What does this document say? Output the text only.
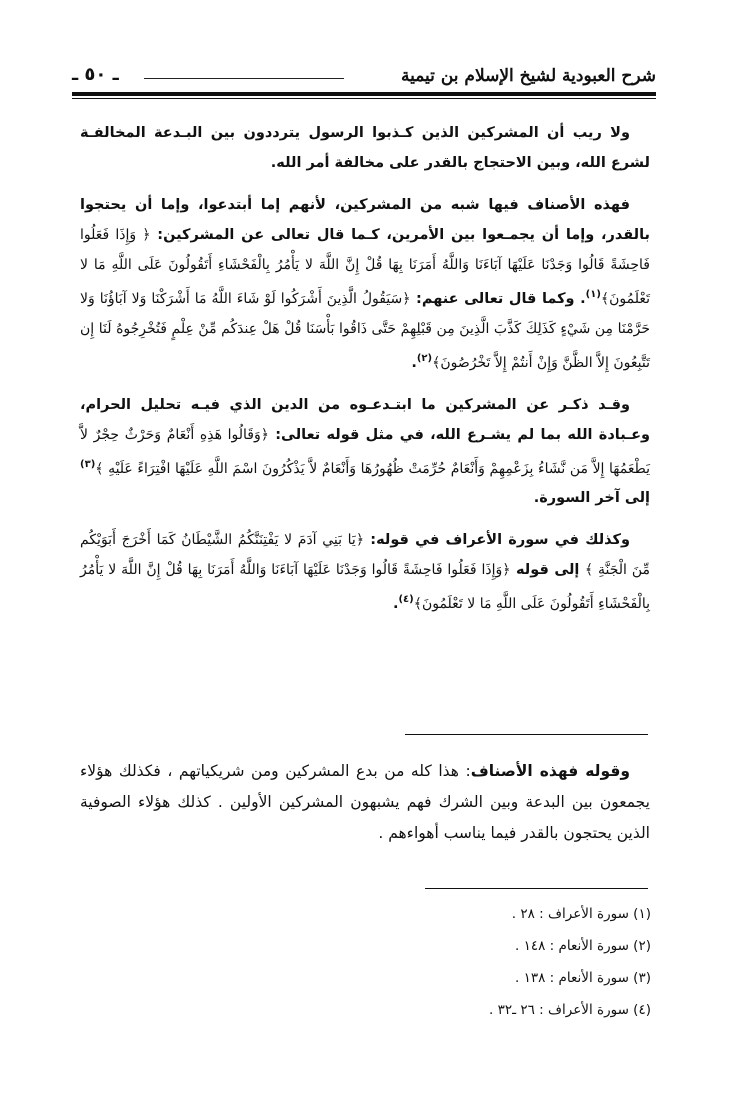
شرح العبودية لشيخ الإسلام بن تيمية
ـ ٥٠ ـ

ولا ريب أن المشركين الذين كـذبوا الرسول يترددون بين البـدعة المخالفـة لشرع الله، وبين الاحتجاج بالقدر على مخالفة أمر الله.

فهذه الأصناف فيها شبه من المشركين، لأنهم إما أبتدعوا، وإما أن يحتجوا بالقدر، وإما أن يجمـعوا بين الأمرين، كـما قال تعالى عن المشركين: ﴿ وَإِذَا فَعَلُوا فَاحِشَةً قَالُوا وَجَدْنَا عَلَيْهَا آبَاءَنَا وَاللَّهُ أَمَرَنَا بِهَا قُلْ إِنَّ اللَّهَ لا يَأْمُرُ بِالْفَحْشَاءِ أَتَقُولُونَ عَلَى اللَّهِ مَا لا تَعْلَمُونَ﴾$^{(١)}$. وكما قال تعالى عنهم: ﴿سَيَقُولُ الَّذِينَ أَشْرَكُوا لَوْ شَاءَ اللَّهُ مَا أَشْرَكْنَا وَلا آبَاؤُنَا وَلا حَرَّمْنَا مِن شَيْءٍ كَذَلِكَ كَذَّبَ الَّذِينَ مِن قَبْلِهِمْ حَتَّى ذَاقُوا بَأْسَنَا قُلْ هَلْ عِندَكُم مِّنْ عِلْمٍ فَتُخْرِجُوهُ لَنَا إِن تَتَّبِعُونَ إِلاَّ الظَّنَّ وَإِنْ أَنتُمْ إِلاَّ تَخْرُصُونَ﴾$^{(٢)}$.

وقـد ذكـر عن المشركين ما ابتـدعـوه من الدين الذي فيـه تحليل الحرام، وعـبادة الله بما لم يشـرع الله، في مثل قوله تعالى: ﴿وَقَالُوا هَذِهِ أَنْعَامٌ وَحَرْثٌ حِجْرٌ لاَّ يَطْعَمُهَا إِلاَّ مَن نَّشَاءُ بِزَعْمِهِمْ وَأَنْعَامٌ حُرِّمَتْ ظُهُورُهَا وَأَنْعَامٌ لاَّ يَذْكُرُونَ اسْمَ اللَّهِ عَلَيْهَا افْتِرَاءً عَلَيْهِ ﴾$^{(٣)}$ إلى آخر السورة.

وكذلك في سورة الأعراف في قوله: ﴿يَا بَنِي آدَمَ لا يَفْتِنَنَّكُمُ الشَّيْطَانُ كَمَا أَخْرَجَ أَبَوَيْكُم مِّنَ الْجَنَّةِ ﴾ إلى قوله ﴿وَإِذَا فَعَلُوا فَاحِشَةً قَالُوا وَجَدْنَا عَلَيْهَا آبَاءَنَا وَاللَّهُ أَمَرَنَا بِهَا قُلْ إِنَّ اللَّهَ لا يَأْمُرُ بِالْفَحْشَاءِ أَتَقُولُونَ عَلَى اللَّهِ مَا لا تَعْلَمُونَ﴾$^{(٤)}$.

وقوله فهذه الأصناف: هذا كله من بدع المشركين ومن شريكياتهم ، فكذلك هؤلاء يجمعون بين البدعة وبين الشرك فهم يشبهون المشركين الأولين . كذلك هؤلاء الصوفية الذين يحتجون بالقدر فيما يناسب أهواءهم .
(١) سورة الأعراف : ٢٨ .
(٢) سورة الأنعام : ١٤٨ .
(٣) سورة الأنعام : ١٣٨ .
(٤) سورة الأعراف : ٢٦ ـ٣٢ .
